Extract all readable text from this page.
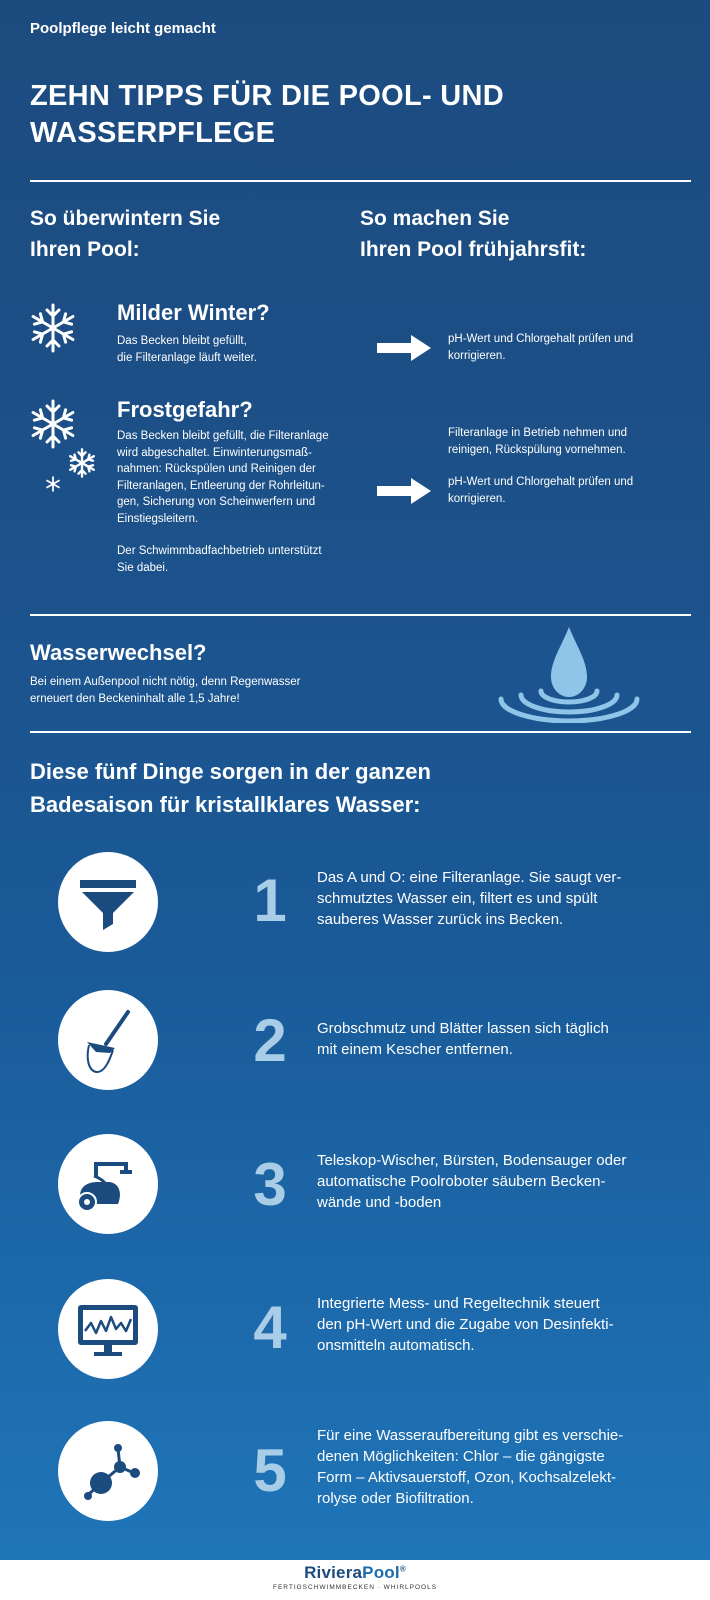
Poolpflege leicht gemacht
ZEHN TIPPS FÜR DIE POOL- UND WASSERPFLEGE
So überwintern Sie
Ihren Pool:
So machen Sie
Ihren Pool frühjahrsfit:
Milder Winter?
Das Becken bleibt gefüllt,
die Filteranlage läuft weiter.
pH-Wert und Chlorgehalt prüfen und
korrigieren.
Frostgefahr?
Das Becken bleibt gefüllt, die Filteranlage
wird abgeschaltet. Einwinterungsmaß-
nahmen: Rückspülen und Reinigen der
Filteranlagen, Entleerung der Rohrleitun-
gen, Sicherung von Scheinwerfern und
Einstiegsleitern.
Der Schwimmbadfachbetrieb unterstützt
Sie dabei.
Filteranlage in Betrieb nehmen und
reinigen, Rückspülung vornehmen.
pH-Wert und Chlorgehalt prüfen und
korrigieren.
Wasserwechsel?
Bei einem Außenpool nicht nötig, denn Regenwasser
erneuert den Beckeninhalt alle 1,5 Jahre!
Diese fünf Dinge sorgen in der ganzen
Badesaison für kristallklares Wasser:
1	Das A und O: eine Filteranlage. Sie saugt ver-
schmutztes Wasser ein, filtert es und spült
sauberes Wasser zurück ins Becken.
2	Grobschmutz und Blätter lassen sich täglich
mit einem Kescher entfernen.
3	Teleskop-Wischer, Bürsten, Bodensauger oder
automatische Poolroboter säubern Becken-
wände und -boden
4	Integrierte Mess- und Regeltechnik steuert
den pH-Wert und die Zugabe von Desinfekti-
onsmitteln automatisch.
5
Für eine Wasseraufbereitung gibt es verschie-
denen Möglichkeiten: Chlor – die gängigste
Form – Aktivsauerstoff, Ozon, Kochsalzelekt-
rolyse oder Biofiltration.
RivieraPool®
FERTIGSCHWIMMBECKEN · WHIRLPOOLS
